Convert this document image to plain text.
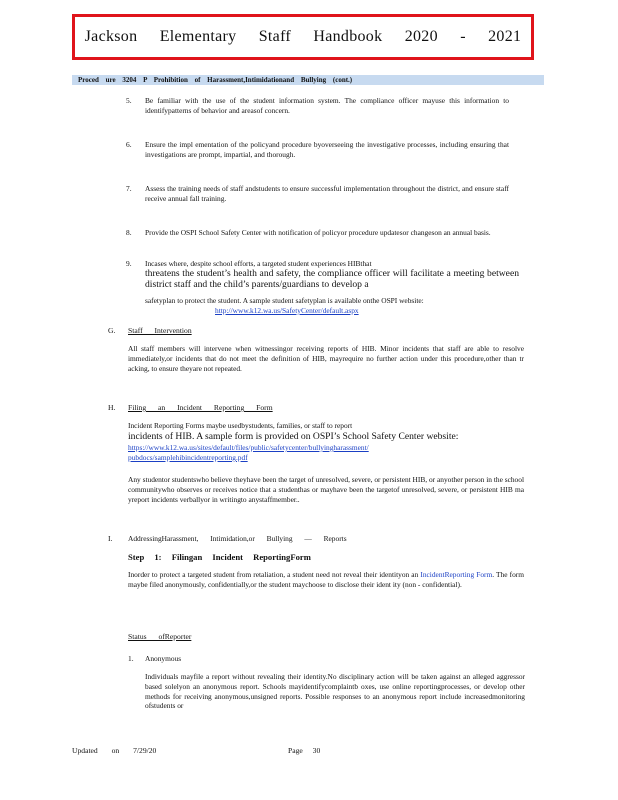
Jackson Elementary Staff Handbook 2020 - 2021
Proced ure 3204 P Prohibition of Harassment,Intimidationand Bullying (cont.)
5. Be familiar with the use of the student information system. The compliance officer mayuse this information to identifypatterns of behavior and areasof concern.
6. Ensure the impl ementation of the policyand procedure byoverseeing the investigative processes, including ensuring that investigations are prompt, impartial, and thorough.
7. Assess the training needs of staff andstudents to ensure successful implementation throughout the district, and ensure staff receive annual fall training.
8. Provide the OSPI School Safety Center with notification of policyor procedure updatesor changeson an annual basis.
9. Incases where, despite school efforts, a targeted student experiences HIBthat
threatens the student’s health and safety, the compliance officer will facilitate a meeting between district staff and the child’s parents/guardians to develop a
safetyplan to protect the student. A sample student safetyplan is available onthe OSPI website:
http://www.k12.wa.us/SafetyCenter/default.aspx
G. Staff Intervention
All staff members will intervene when witnessingor receiving reports of HIB. Minor incidents that staff are able to resolve immediately,or incidents that do not meet the definition of HIB, mayrequire no further action under this procedure,other than tr acking, to ensure theyare not repeated.
H. Filing an Incident Reporting Form
Incident Reporting Forms maybe usedbystudents, families, or staff to report
incidents of HIB. A sample form is provided on OSPI’s School Safety Center website:
https://www.k12.wa.us/sites/default/files/public/safetycenter/bullyingharassment/
pubdocs/samplehibincidentreporting.pdf
Any studentor studentswho believe theyhave been the target of unresolved, severe, or persistent HIB, or anyother person in the school communitywho observes or receives notice that a studenthas or mayhave been the targetof unresolved, severe, or persistent HIB ma yreport incidents verballyor in writingto anystaffmember..
I. AddressingHarassment, Intimidation,or Bullying — Reports
Step 1: Filingan Incident ReportingForm
Inorder to protect a targeted student from retaliation, a student need not reveal their identityon an IncidentReporting Form. The form maybe filed anonymously, confidentially,or the student maychoose to disclose their ident ity (non - confidential).
Status ofReporter
1. Anonymous
Individuals mayfile a report without revealing their identity.No disciplinary action will be taken against an alleged aggressor based solelyon an anonymous report. Schools mayidentifycomplaintb oxes, use online reportingprocesses, or develop other methods for receiving anonymous,unsigned reports. Possible responses to an anonymous report include increasedmonitoring ofstudents or
Updated on 7/29/20	Page 30
